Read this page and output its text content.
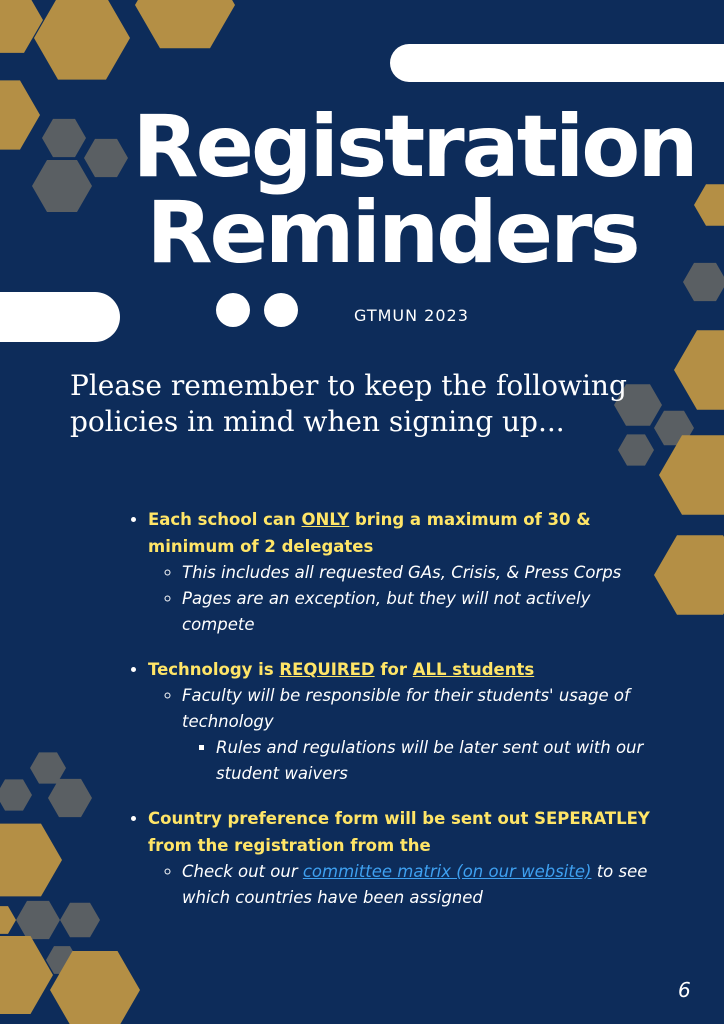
Registration
Reminders
GTMUN 2023

Please remember to keep the following policies in mind when signing up...

• Each school can ONLY bring a maximum of 30 & minimum of 2 delegates
◦ This includes all requested GAs, Crisis, & Press Corps
◦ Pages are an exception, but they will not actively compete
• Technology is REQUIRED for ALL students
◦ Faculty will be responsible for their students' usage of technology
▪ Rules and regulations will be later sent out with our student waivers
• Country preference form will be sent out SEPERATLEY from the registration from the
◦ Check out our committee matrix (on our website) to see which countries have been assigned
6
